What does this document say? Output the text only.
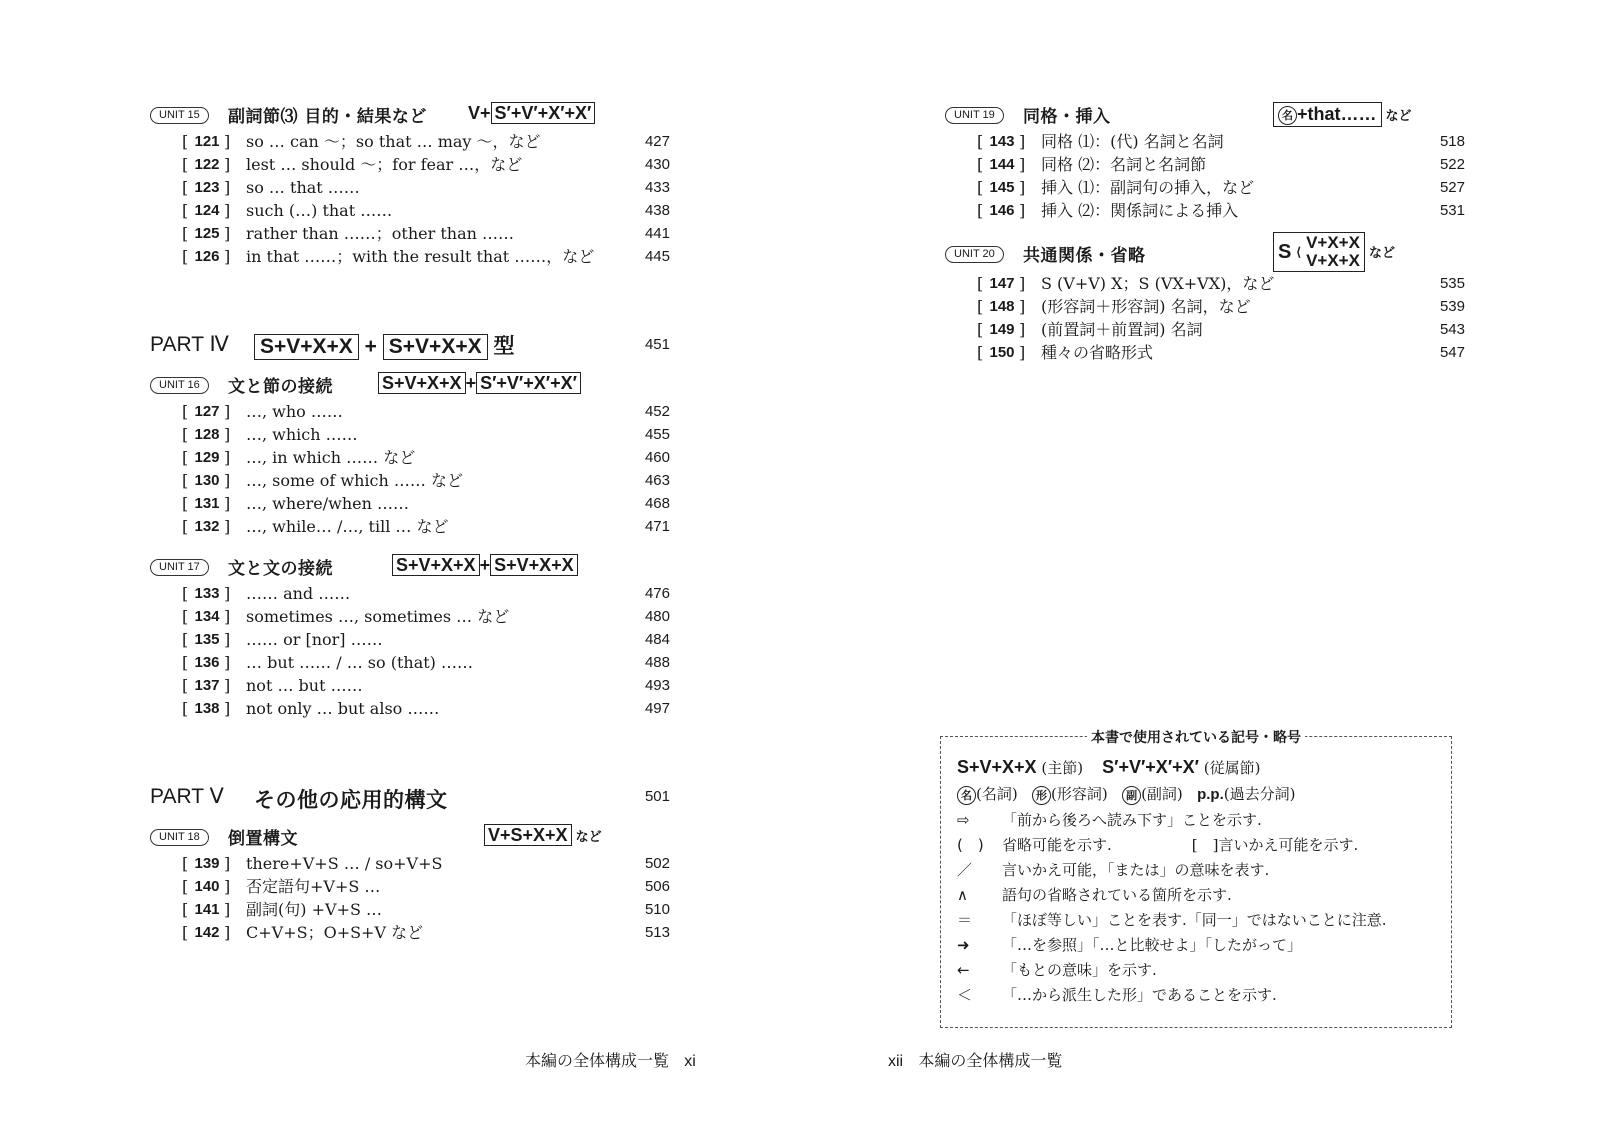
UNIT 15	副詞節⑶ 目的・結果など V+ S′+V′+X′+X′
[ 121 ] so … can 〜；so that … may 〜，など	427
[ 122 ] lest … should 〜；for fear …，など	430
[ 123 ] so … that ……	433
[ 124 ] such (…) that ……	438
[ 125 ] rather than ……；other than ……	441
[ 126 ] in that ……；with the result that ……，など	445
PART Ⅳ S+V+X+X + S+V+X+X 型	451
UNIT 16	文と節の接続	S+V+X+X + S′+V′+X′+X′
[ 127 ] …, who ……	452
[ 128 ] …, which ……	455
[ 129 ] …, in which …… など	460
[ 130 ] …, some of which …… など	463
[ 131 ] …, where/when ……	468
[ 132 ] …, while… /…, till … など	471
UNIT 17	文と文の接続	S+V+X+X + S+V+X+X
[ 133 ] …… and ……	476
[ 134 ] sometimes …, sometimes … など	480
[ 135 ] …… or [nor] ……	484
[ 136 ] … but …… / … so (that) ……	488
[ 137 ] not … but ……	493
[ 138 ] not only … but also ……	497
PART Ⅴ その他の応用的構文	501
UNIT 18	倒置構文	V+S+X+X など
[ 139 ] there+V+S … / so+V+S	502
[ 140 ] 否定語句+V+S …	506
[ 141 ] 副詞(句) +V+S …	510
[ 142 ] C+V+S；O+S+V など	513
UNIT 19	同格・挿入	名 +that…… など
[ 143 ] 同格 ⑴：(代) 名詞と名詞	518
[ 144 ] 同格 ⑵：名詞と名詞節	522
[ 145 ] 挿入 ⑴：副詞句の挿入，など	527
[ 146 ] 挿入 ⑵：関係詞による挿入	531
UNIT 20	共通関係・省略	S ⟨ V+X+X
V+X+X など
[ 147 ] S (V+V) X；S (VX+VX)，など	535
[ 148 ] (形容詞＋形容詞) 名詞，など	539
[ 149 ] (前置詞＋前置詞) 名詞	543
[ 150 ] 種々の省略形式	547
本書で使用されている記号・略号
S+V+X+X (主節) S′+V′+X′+X′ (従属節)
名 (名詞) 形 (形容詞) 副 (副詞) p.p.(過去分詞)
⇨ 「前から後ろへ読み下す」ことを示す.
(　) 省略可能を示す.	[　]言いかえ可能を示す.
／ 言いかえ可能，「または」の意味を表す.
∧ 語句の省略されている箇所を示す.
＝ 「ほぼ等しい」ことを表す.「同一」ではないことに注意.
➜ 「…を参照」「…と比較せよ」「したがって」
← 「もとの意味」を示す.
＜ 「…から派生した形」であることを示す.
本編の全体構成一覧 xi	xii 本編の全体構成一覧
